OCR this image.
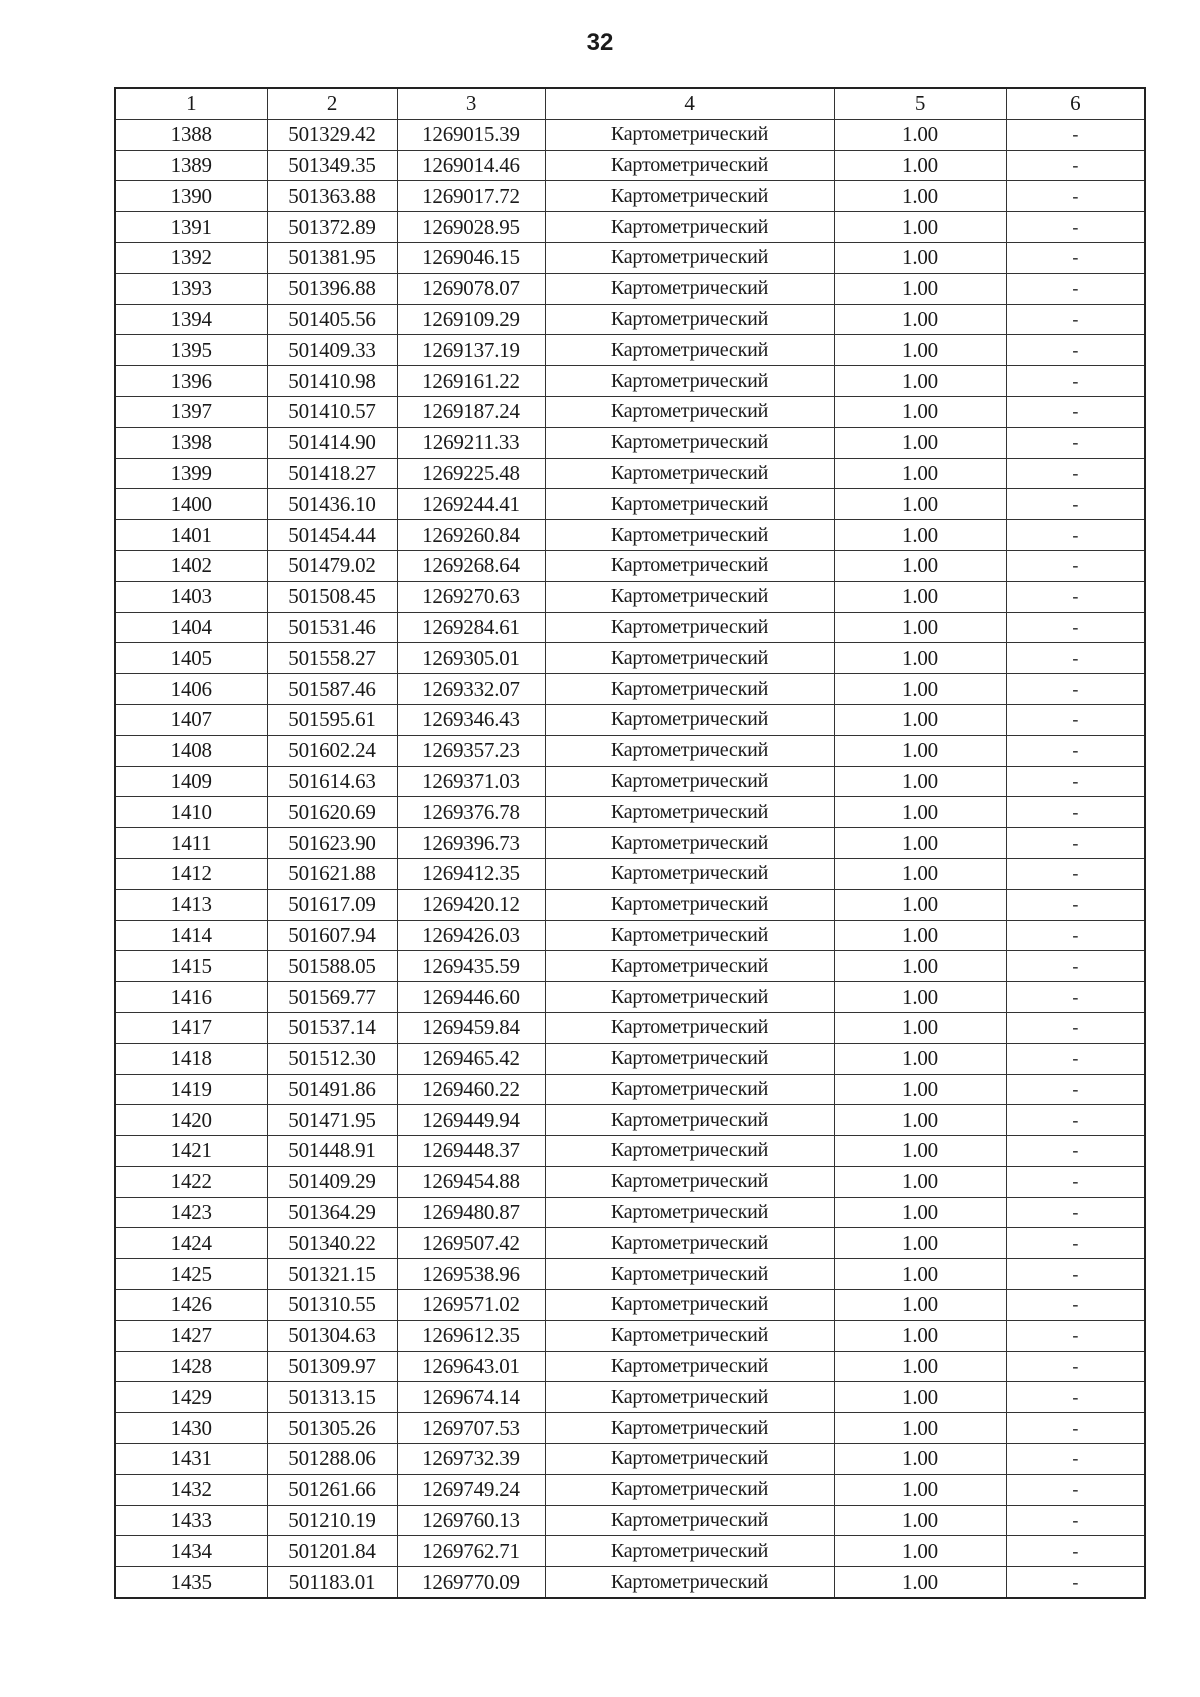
32
1	2	3	4	5	6
1388	501329.42	1269015.39	Картометрический	1.00	-
1389	501349.35	1269014.46	Картометрический	1.00	-
1390	501363.88	1269017.72	Картометрический	1.00	-
1391	501372.89	1269028.95	Картометрический	1.00	-
1392	501381.95	1269046.15	Картометрический	1.00	-
1393	501396.88	1269078.07	Картометрический	1.00	-
1394	501405.56	1269109.29	Картометрический	1.00	-
1395	501409.33	1269137.19	Картометрический	1.00	-
1396	501410.98	1269161.22	Картометрический	1.00	-
1397	501410.57	1269187.24	Картометрический	1.00	-
1398	501414.90	1269211.33	Картометрический	1.00	-
1399	501418.27	1269225.48	Картометрический	1.00	-
1400	501436.10	1269244.41	Картометрический	1.00	-
1401	501454.44	1269260.84	Картометрический	1.00	-
1402	501479.02	1269268.64	Картометрический	1.00	-
1403	501508.45	1269270.63	Картометрический	1.00	-
1404	501531.46	1269284.61	Картометрический	1.00	-
1405	501558.27	1269305.01	Картометрический	1.00	-
1406	501587.46	1269332.07	Картометрический	1.00	-
1407	501595.61	1269346.43	Картометрический	1.00	-
1408	501602.24	1269357.23	Картометрический	1.00	-
1409	501614.63	1269371.03	Картометрический	1.00	-
1410	501620.69	1269376.78	Картометрический	1.00	-
1411	501623.90	1269396.73	Картометрический	1.00	-
1412	501621.88	1269412.35	Картометрический	1.00	-
1413	501617.09	1269420.12	Картометрический	1.00	-
1414	501607.94	1269426.03	Картометрический	1.00	-
1415	501588.05	1269435.59	Картометрический	1.00	-
1416	501569.77	1269446.60	Картометрический	1.00	-
1417	501537.14	1269459.84	Картометрический	1.00	-
1418	501512.30	1269465.42	Картометрический	1.00	-
1419	501491.86	1269460.22	Картометрический	1.00	-
1420	501471.95	1269449.94	Картометрический	1.00	-
1421	501448.91	1269448.37	Картометрический	1.00	-
1422	501409.29	1269454.88	Картометрический	1.00	-
1423	501364.29	1269480.87	Картометрический	1.00	-
1424	501340.22	1269507.42	Картометрический	1.00	-
1425	501321.15	1269538.96	Картометрический	1.00	-
1426	501310.55	1269571.02	Картометрический	1.00	-
1427	501304.63	1269612.35	Картометрический	1.00	-
1428	501309.97	1269643.01	Картометрический	1.00	-
1429	501313.15	1269674.14	Картометрический	1.00	-
1430	501305.26	1269707.53	Картометрический	1.00	-
1431	501288.06	1269732.39	Картометрический	1.00	-
1432	501261.66	1269749.24	Картометрический	1.00	-
1433	501210.19	1269760.13	Картометрический	1.00	-
1434	501201.84	1269762.71	Картометрический	1.00	-
1435	501183.01	1269770.09	Картометрический	1.00	-
